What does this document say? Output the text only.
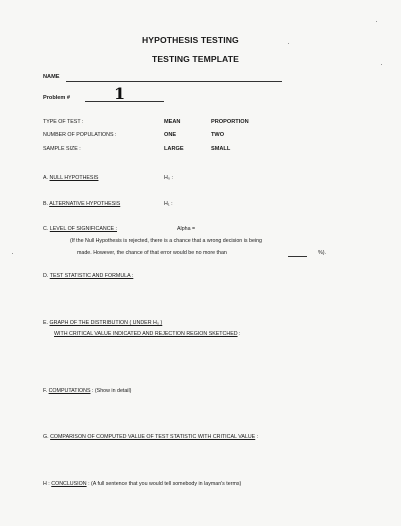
HYPOTHESIS TESTING
TESTING TEMPLATE
NAME
Problem #	1
TYPE OF TEST :	MEAN	PROPORTION
NUMBER OF POPULATIONS :	ONE	TWO
SAMPLE SIZE :	LARGE	SMALL
A. NULL HYPOTHESIS	H₀ :
B. ALTERNATIVE HYPOTHESIS	H₁ :
C. LEVEL OF SIGNIFICANCE :	Alpha =
(If the Null Hypothesis is rejected, there is a chance that a wrong decision is being
made. However, the chance of that error would be no more than	%).
D. TEST STATISTIC AND FORMULA :
E. GRAPH OF THE DISTRIBUTION ( UNDER H₀ )
WITH CRITICAL VALUE INDICATED AND REJECTION REGION SKETCHED :
F. COMPUTATIONS : (Show in detail)
G. COMPARISON OF COMPUTED VALUE OF TEST STATISTIC WITH CRITICAL VALUE :
H : CONCLUSION : (A full sentence that you would tell somebody in layman's terms)
